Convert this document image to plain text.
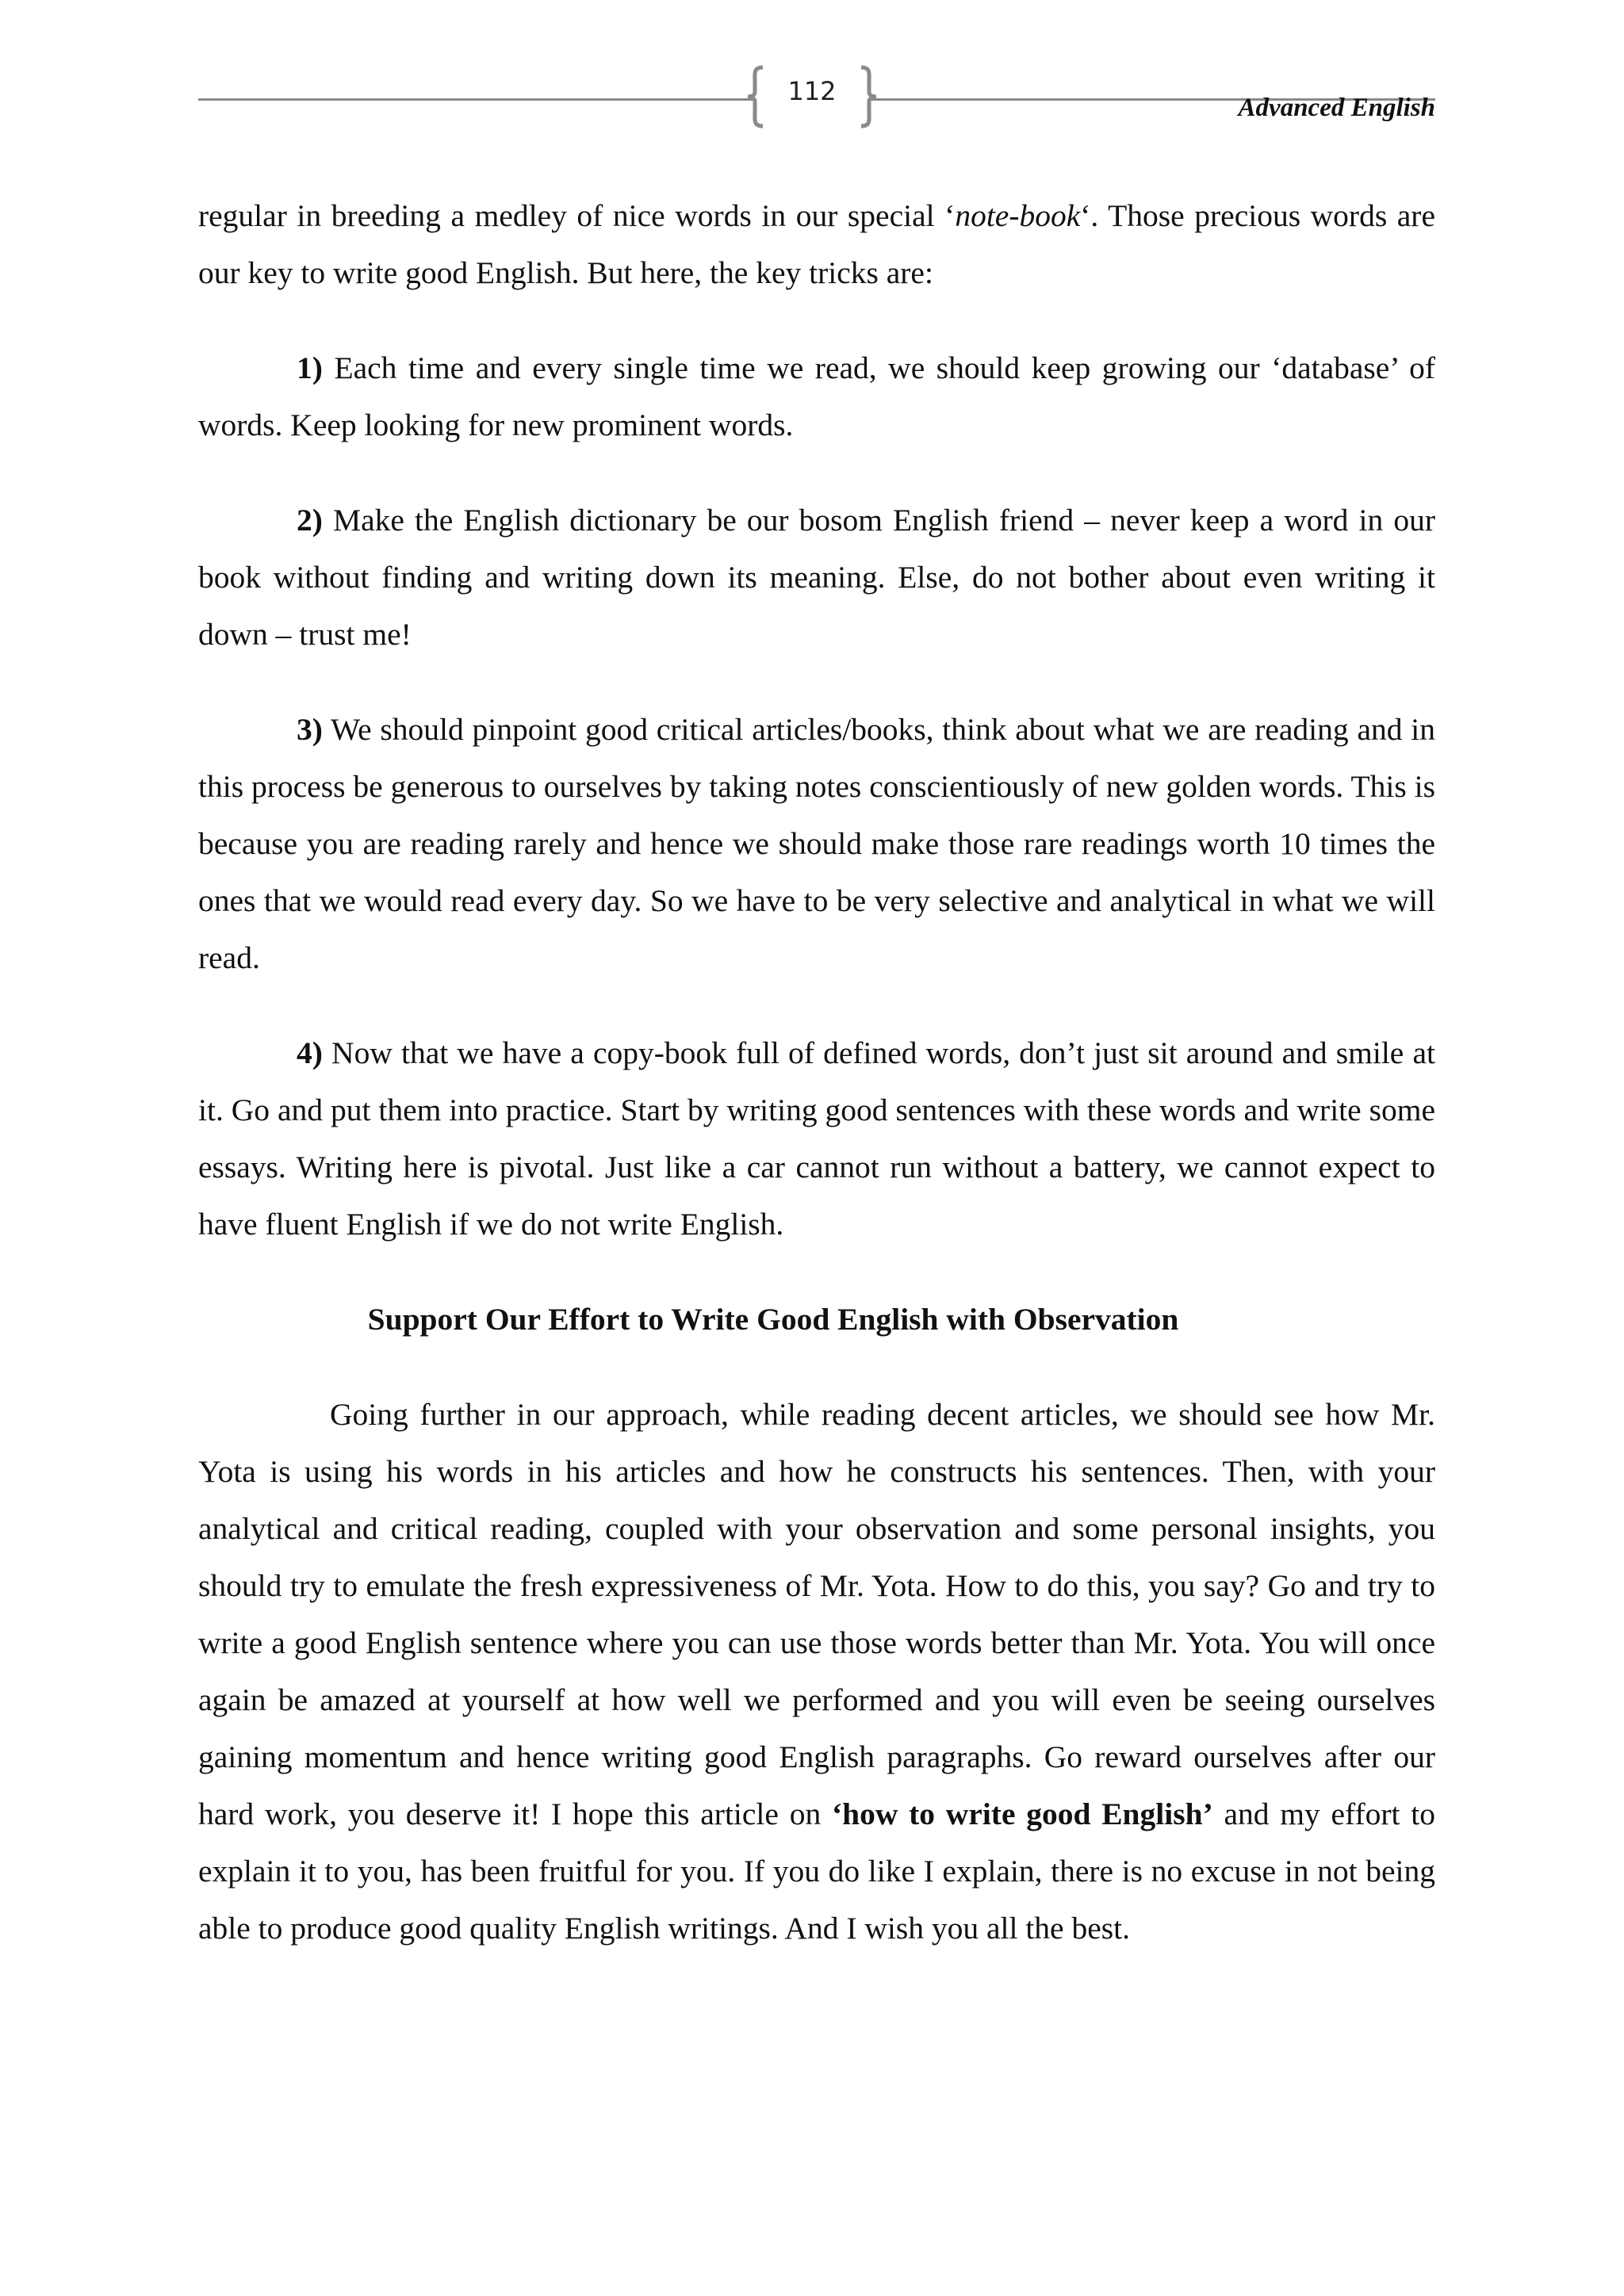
112
Advanced English

regular in breeding a medley of nice words in our special ‘note-book‘. Those precious words are our key to write good English. But here, the key tricks are:

1) Each time and every single time we read, we should keep growing our ‘database’ of words. Keep looking for new prominent words.

2) Make the English dictionary be our bosom English friend – never keep a word in our book without finding and writing down its meaning. Else, do not bother about even writing it down – trust me!

3) We should pinpoint good critical articles/books, think about what we are reading and in this process be generous to ourselves by taking notes conscientiously of new golden words. This is because you are reading rarely and hence we should make those rare readings worth 10 times the ones that we would read every day. So we have to be very selective and analytical in what we will read.

4) Now that we have a copy-book full of defined words, don’t just sit around and smile at it. Go and put them into practice. Start by writing good sentences with these words and write some essays. Writing here is pivotal. Just like a car cannot run without a battery, we cannot expect to have fluent English if we do not write English.

Support Our Effort to Write Good English with Observation

Going further in our approach, while reading decent articles, we should see how Mr. Yota is using his words in his articles and how he constructs his sentences. Then, with your analytical and critical reading, coupled with your observation and some personal insights, you should try to emulate the fresh expressiveness of Mr. Yota. How to do this, you say? Go and try to write a good English sentence where you can use those words better than Mr. Yota. You will once again be amazed at yourself at how well we performed and you will even be seeing ourselves gaining momentum and hence writing good English paragraphs. Go reward ourselves after our hard work, you deserve it! I hope this article on ‘how to write good English’ and my effort to explain it to you, has been fruitful for you. If you do like I explain, there is no excuse in not being able to produce good quality English writings. And I wish you all the best.
